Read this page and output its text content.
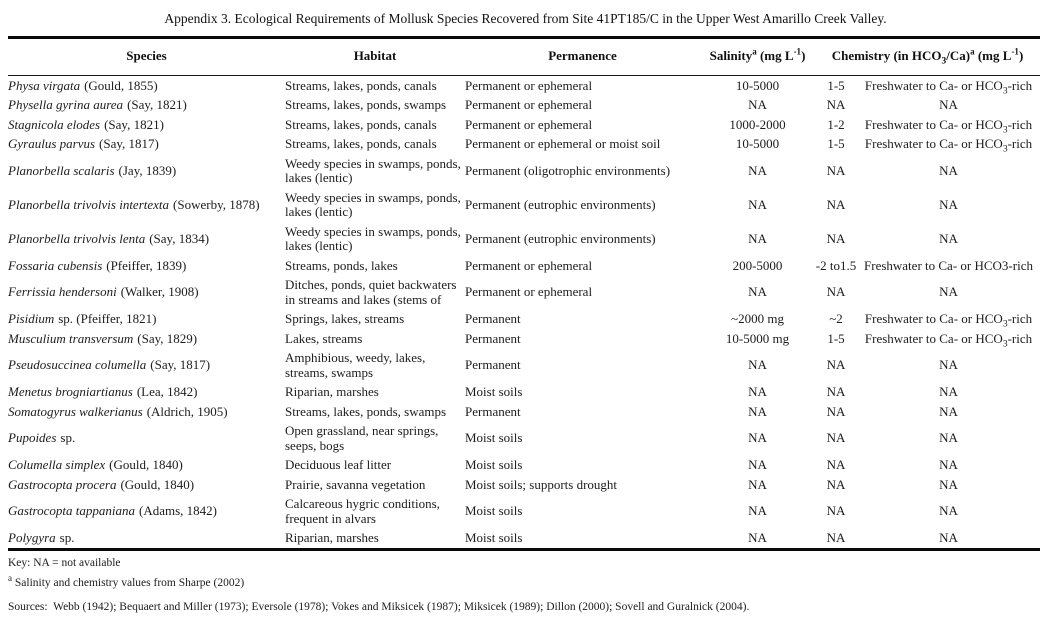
Appendix 3. Ecological Requirements of Mollusk Species Recovered from Site 41PT185/C in the Upper West Amarillo Creek Valley.
Species	Habitat	Permanence	Salinity$^a$ (mg $L^{-1}$)	Chemistry (in $HCO_3/Ca)^a$ (mg $L^{-1}$)	
Physa virgata (Gould, 1855)	Streams, lakes, ponds, canals	Permanent or ephemeral	10-5000	1-5	Freshwater to Ca- or $HCO_3$-rich
Physella gyrina aurea (Say, 1821)	Streams, lakes, ponds, swamps	Permanent or ephemeral	NA	NA	NA
Stagnicola elodes (Say, 1821)	Streams, lakes, ponds, canals	Permanent or ephemeral	1000-2000	1-2	Freshwater to Ca- or $HCO_3$-rich
Gyraulus parvus (Say, 1817)	Streams, lakes, ponds, canals	Permanent or ephemeral or moist soil	10-5000	1-5	Freshwater to Ca- or $HCO_3$-rich
Planorbella scalaris (Jay, 1839)	Weedy species in swamps, ponds, lakes (lentic)	Permanent (oligotrophic environments)	NA	NA	NA
Planorbella trivolvis intertexta (Sowerby, 1878)	Weedy species in swamps, ponds, lakes (lentic)	Permanent (eutrophic environments)	NA	NA	NA
Planorbella trivolvis lenta (Say, 1834)	Weedy species in swamps, ponds, lakes (lentic)	Permanent (eutrophic environments)	NA	NA	NA
Fossaria cubensis (Pfeiffer, 1839)	Streams, ponds, lakes	Permanent or ephemeral	200-5000	-2 to1.5	Freshwater to Ca- or HCO3-rich
Ferrissia hendersoni (Walker, 1908)	Ditches, ponds, quiet backwaters in streams and lakes (stems of	Permanent or ephemeral	NA	NA	NA
Pisidium sp. (Pfeiffer, 1821)	Springs, lakes, streams	Permanent	~2000 mg	~2	Freshwater to Ca- or $HCO_3$-rich
Musculium transversum (Say, 1829)	Lakes, streams	Permanent	10-5000 mg	1-5	Freshwater to Ca- or $HCO_3$-rich
Pseudosuccinea columella (Say, 1817)	Amphibious, weedy, lakes, streams, swamps	Permanent	NA	NA	NA
Menetus brogniartianus (Lea, 1842)	Riparian, marshes	Moist soils	NA	NA	NA
Somatogyrus walkerianus (Aldrich, 1905)	Streams, lakes, ponds, swamps	Permanent	NA	NA	NA
Pupoides sp.	Open grassland, near springs, seeps, bogs	Moist soils	NA	NA	NA
Columella simplex (Gould, 1840)	Deciduous leaf litter	Moist soils	NA	NA	NA
Gastrocopta procera (Gould, 1840)	Prairie, savanna vegetation	Moist soils; supports drought	NA	NA	NA
Gastrocopta tappaniana (Adams, 1842)	Calcareous hygric conditions, frequent in alvars	Moist soils	NA	NA	NA
Polygyra sp.	Riparian, marshes	Moist soils	NA	NA	NA
Key: NA = not available
$^a$ Salinity and chemistry values from Sharpe (2002)
Sources:  Webb (1942); Bequaert and Miller (1973); Eversole (1978); Vokes and Miksicek (1987); Miksicek (1989); Dillon (2000); Sovell and Guralnick (2004).
